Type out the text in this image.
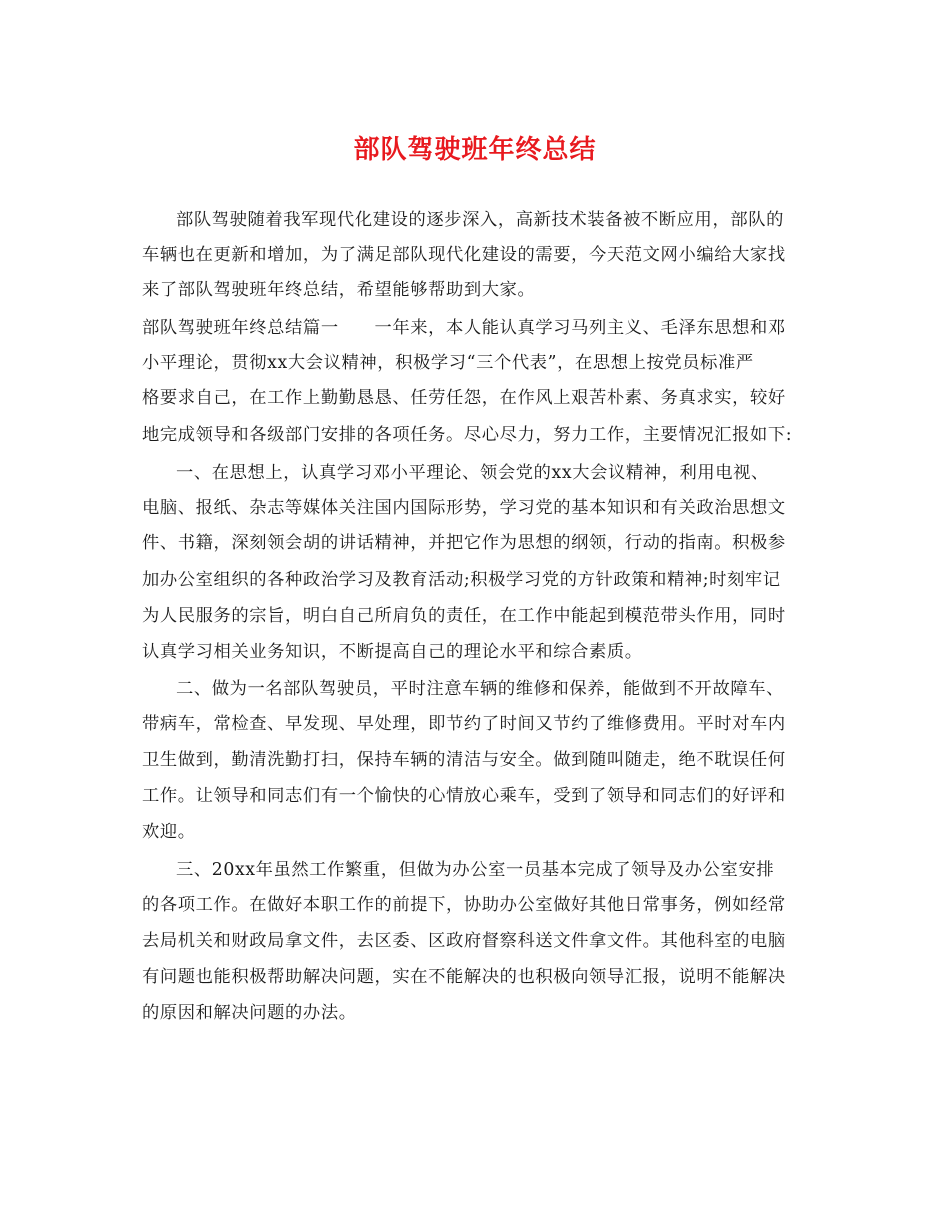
部队驾驶班年终总结
部队驾驶随着我军现代化建设的逐步深入，高新技术装备被不断应用，部队的
车辆也在更新和增加，为了满足部队现代化建设的需要，今天范文网小编给大家找
来了部队驾驶班年终总结，希望能够帮助到大家。
部队驾驶班年终总结篇一　　一年来，本人能认真学习马列主义、毛泽东思想和邓
小平理论，贯彻xx大会议精神，积极学习“三个代表”，在思想上按党员标准严
格要求自己，在工作上勤勤恳恳、任劳任怨，在作风上艰苦朴素、务真求实，较好
地完成领导和各级部门安排的各项任务。尽心尽力，努力工作，主要情况汇报如下:
一、在思想上，认真学习邓小平理论、领会党的xx大会议精神，利用电视、
电脑、报纸、杂志等媒体关注国内国际形势，学习党的基本知识和有关政治思想文
件、书籍，深刻领会胡的讲话精神，并把它作为思想的纲领，行动的指南。积极参
加办公室组织的各种政治学习及教育活动;积极学习党的方针政策和精神;时刻牢记
为人民服务的宗旨，明白自己所肩负的责任，在工作中能起到模范带头作用，同时
认真学习相关业务知识，不断提高自己的理论水平和综合素质。
二、做为一名部队驾驶员，平时注意车辆的维修和保养，能做到不开故障车、
带病车，常检查、早发现、早处理，即节约了时间又节约了维修费用。平时对车内
卫生做到，勤清洗勤打扫，保持车辆的清洁与安全。做到随叫随走，绝不耽误任何
工作。让领导和同志们有一个愉快的心情放心乘车，受到了领导和同志们的好评和
欢迎。
三、20xx年虽然工作繁重，但做为办公室一员基本完成了领导及办公室安排
的各项工作。在做好本职工作的前提下，协助办公室做好其他日常事务，例如经常
去局机关和财政局拿文件，去区委、区政府督察科送文件拿文件。其他科室的电脑
有问题也能积极帮助解决问题，实在不能解决的也积极向领导汇报，说明不能解决
的原因和解决问题的办法。
